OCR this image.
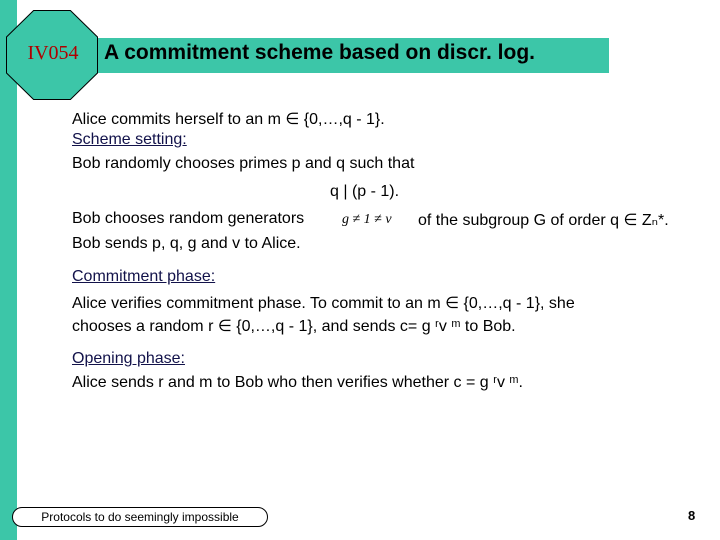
IV054	A commitment scheme based on discr. log.
Alice commits herself to an m ∈ {0,…,q - 1}.
Scheme setting:
Bob randomly chooses primes p and q such that
q | (p - 1).
Bob chooses random generators	g ≠ 1 ≠ v of the subgroup G of order q ∈ Zₙ*.
Bob sends p, q, g and v to Alice.
Commitment phase:
Alice verifies commitment phase. To commit to an m ∈ {0,…,q - 1}, she
chooses a random r ∈ {0,…,q - 1}, and sends c= g ʳv ᵐ to Bob.
Opening phase:
Alice sends r and m to Bob who then verifies whether c = g ʳv ᵐ.
Protocols to do seemingly impossible	8
